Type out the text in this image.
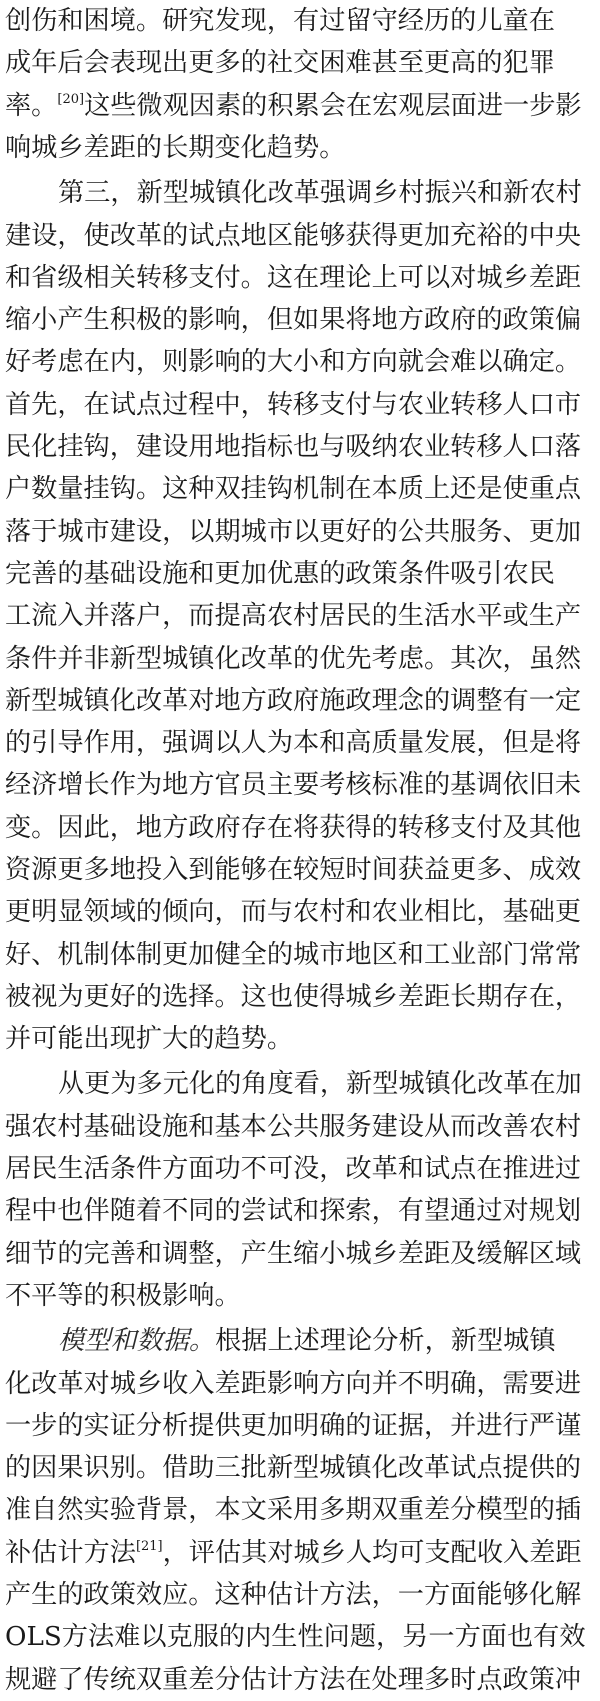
创伤和困境。研究发现，有过留守经历的儿童在
成年后会表现出更多的社交困难甚至更高的犯罪
率。[20]这些微观因素的积累会在宏观层面进一步影
响城乡差距的长期变化趋势。
第三，新型城镇化改革强调乡村振兴和新农村
建设，使改革的试点地区能够获得更加充裕的中央
和省级相关转移支付。这在理论上可以对城乡差距
缩小产生积极的影响，但如果将地方政府的政策偏
好考虑在内，则影响的大小和方向就会难以确定。
首先，在试点过程中，转移支付与农业转移人口市
民化挂钩，建设用地指标也与吸纳农业转移人口落
户数量挂钩。这种双挂钩机制在本质上还是使重点
落于城市建设，以期城市以更好的公共服务、更加
完善的基础设施和更加优惠的政策条件吸引农民
工流入并落户，而提高农村居民的生活水平或生产
条件并非新型城镇化改革的优先考虑。其次，虽然
新型城镇化改革对地方政府施政理念的调整有一定
的引导作用，强调以人为本和高质量发展，但是将
经济增长作为地方官员主要考核标准的基调依旧未
变。因此，地方政府存在将获得的转移支付及其他
资源更多地投入到能够在较短时间获益更多、成效
更明显领域的倾向，而与农村和农业相比，基础更
好、机制体制更加健全的城市地区和工业部门常常
被视为更好的选择。这也使得城乡差距长期存在，
并可能出现扩大的趋势。
从更为多元化的角度看，新型城镇化改革在加
强农村基础设施和基本公共服务建设从而改善农村
居民生活条件方面功不可没，改革和试点在推进过
程中也伴随着不同的尝试和探索，有望通过对规划
细节的完善和调整，产生缩小城乡差距及缓解区域
不平等的积极影响。
模型和数据。根据上述理论分析，新型城镇
化改革对城乡收入差距影响方向并不明确，需要进
一步的实证分析提供更加明确的证据，并进行严谨
的因果识别。借助三批新型城镇化改革试点提供的
准自然实验背景，本文采用多期双重差分模型的插
补估计方法[21]，评估其对城乡人均可支配收入差距
产生的政策效应。这种估计方法，一方面能够化解
OLS方法难以克服的内生性问题，另一方面也有效
规避了传统双重差分估计方法在处理多时点政策冲
